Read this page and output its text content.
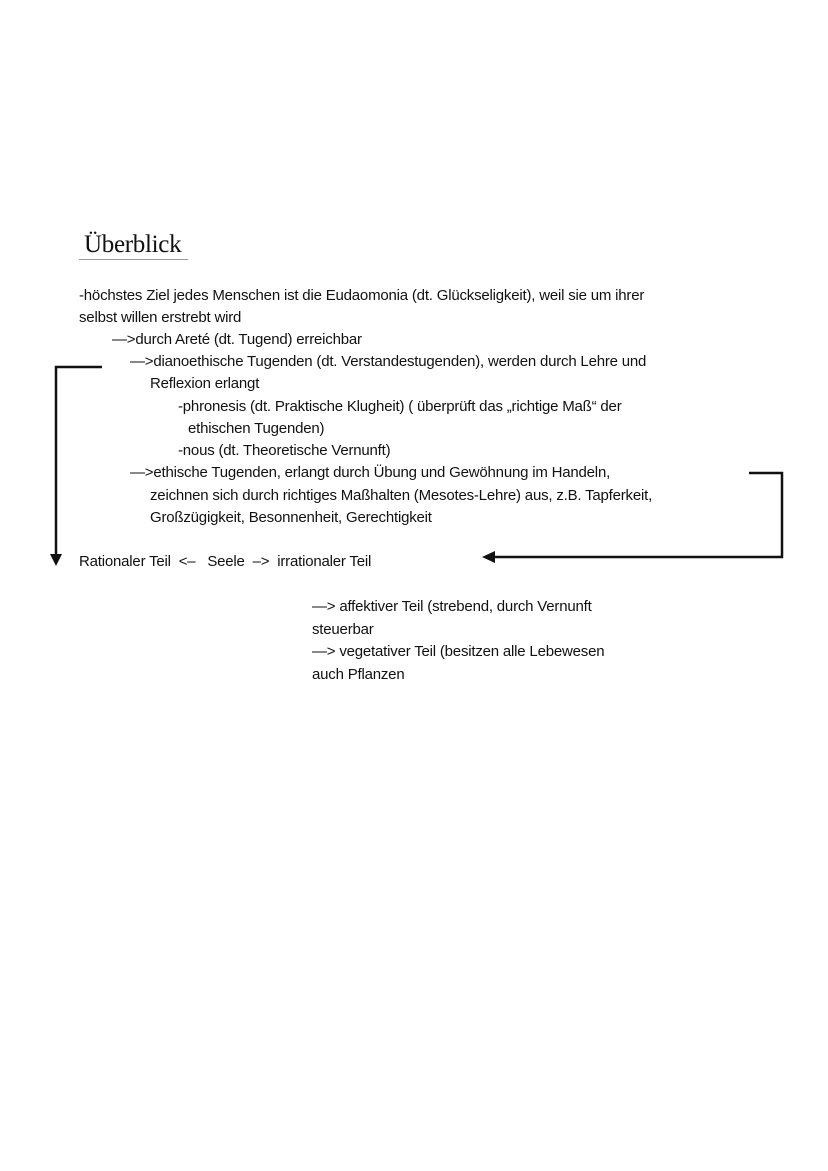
Überblick
-höchstes Ziel jedes Menschen ist die Eudaomonia (dt. Glückseligkeit), weil sie um ihrer
selbst willen erstrebt wird
—>durch Areté (dt. Tugend) erreichbar
—>dianoethische Tugenden (dt. Verstandestugenden), werden durch Lehre und
Reflexion erlangt
-phronesis (dt. Praktische Klugheit) ( überprüft das „richtige Maß“ der
ethischen Tugenden)
-nous (dt. Theoretische Vernunft)
—>ethische Tugenden, erlangt durch Übung und Gewöhnung im Handeln,
zeichnen sich durch richtiges Maßhalten (Mesotes-Lehre) aus, z.B. Tapferkeit,
Großzügigkeit, Besonnenheit, Gerechtigkeit
Rationaler Teil  <–   Seele  –>  irrationaler Teil
—> affektiver Teil (strebend, durch Vernunft
steuerbar
—> vegetativer Teil (besitzen alle Lebewesen
auch Pflanzen
